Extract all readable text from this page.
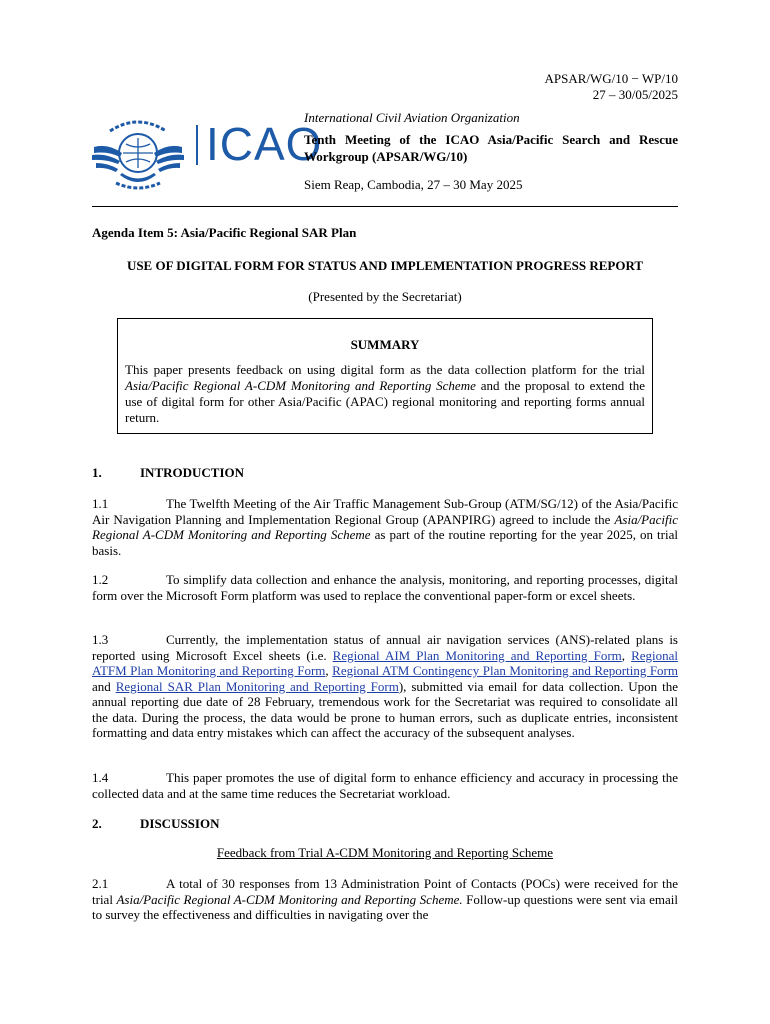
APSAR/WG/10 − WP/10
27 – 30/05/2025
ICAO
International Civil Aviation Organization
Tenth Meeting of the ICAO Asia/Pacific Search and Rescue Workgroup (APSAR/WG/10)
Siem Reap, Cambodia, 27 – 30 May 2025
Agenda Item 5: Asia/Pacific Regional SAR Plan
USE OF DIGITAL FORM FOR STATUS AND IMPLEMENTATION PROGRESS REPORT
(Presented by the Secretariat)
SUMMARY
This paper presents feedback on using digital form as the data collection platform for the trial Asia/Pacific Regional A-CDM Monitoring and Reporting Scheme and the proposal to extend the use of digital form for other Asia/Pacific (APAC) regional monitoring and reporting forms annual return.
1.	INTRODUCTION
1.1	The Twelfth Meeting of the Air Traffic Management Sub-Group (ATM/SG/12) of the Asia/Pacific Air Navigation Planning and Implementation Regional Group (APANPIRG) agreed to include the Asia/Pacific Regional A-CDM Monitoring and Reporting Scheme as part of the routine reporting for the year 2025, on trial basis.
1.2	To simplify data collection and enhance the analysis, monitoring, and reporting processes, digital form over the Microsoft Form platform was used to replace the conventional paper-form or excel sheets.
1.3	Currently, the implementation status of annual air navigation services (ANS)-related plans is reported using Microsoft Excel sheets (i.e. Regional AIM Plan Monitoring and Reporting Form, Regional ATFM Plan Monitoring and Reporting Form, Regional ATM Contingency Plan Monitoring and Reporting Form and Regional SAR Plan Monitoring and Reporting Form), submitted via email for data collection. Upon the annual reporting due date of 28 February, tremendous work for the Secretariat was required to consolidate all the data. During the process, the data would be prone to human errors, such as duplicate entries, inconsistent formatting and data entry mistakes which can affect the accuracy of the subsequent analyses.
1.4	This paper promotes the use of digital form to enhance efficiency and accuracy in processing the collected data and at the same time reduces the Secretariat workload.
2.	DISCUSSION
Feedback from Trial A-CDM Monitoring and Reporting Scheme
2.1	A total of 30 responses from 13 Administration Point of Contacts (POCs) were received for the trial Asia/Pacific Regional A-CDM Monitoring and Reporting Scheme. Follow-up questions were sent via email to survey the effectiveness and difficulties in navigating over the
